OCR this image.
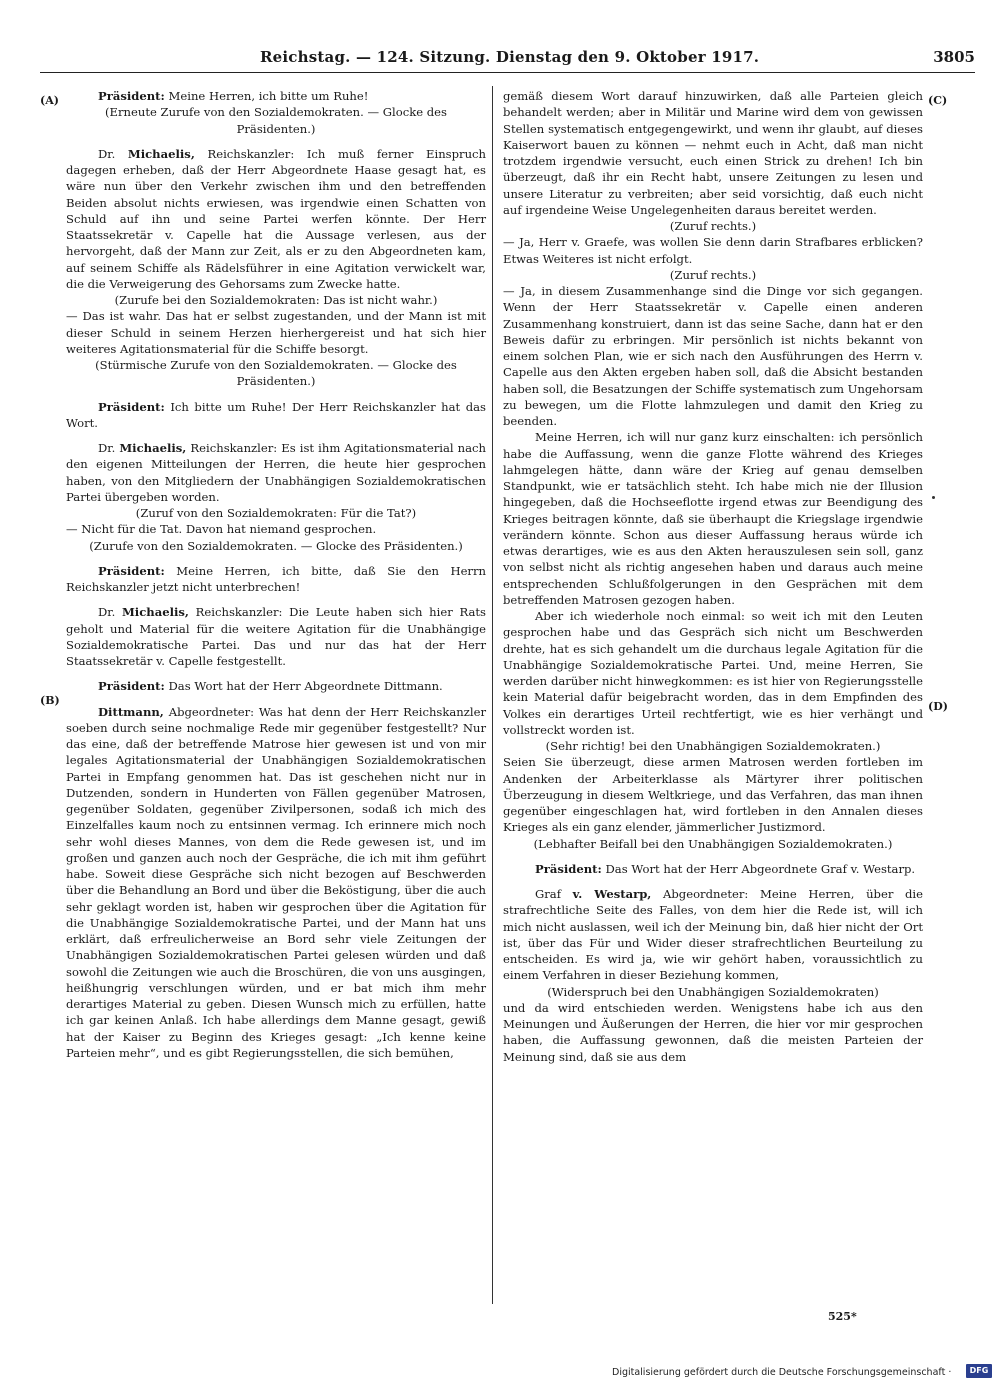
Reichstag. — 124. Sitzung. Dienstag den 9. Oktober 1917.	3805
(A)
(B)
(C)
(D)

Präsident: Meine Herren, ich bitte um Ruhe!

(Erneute Zurufe von den Sozialdemokraten. — Glocke des Präsidenten.)

Dr. Michaelis, Reichskanzler: Ich muß ferner Einspruch dagegen erheben, daß der Herr Abgeordnete Haase gesagt hat, es wäre nun über den Verkehr zwischen ihm und den betreffenden Beiden absolut nichts erwiesen, was irgendwie einen Schatten von Schuld auf ihn und seine Partei werfen könnte. Der Herr Staatssekretär v. Capelle hat die Aussage verlesen, aus der hervorgeht, daß der Mann zur Zeit, als er zu den Abgeordneten kam, auf seinem Schiffe als Rädelsführer in eine Agitation verwickelt war, die die Verweigerung des Gehorsams zum Zwecke hatte.

(Zurufe bei den Sozialdemokraten: Das ist nicht wahr.)

— Das ist wahr. Das hat er selbst zugestanden, und der Mann ist mit dieser Schuld in seinem Herzen hierhergereist und hat sich hier weiteres Agitationsmaterial für die Schiffe besorgt.

(Stürmische Zurufe von den Sozialdemokraten. — Glocke des Präsidenten.)

Präsident: Ich bitte um Ruhe! Der Herr Reichskanzler hat das Wort.

Dr. Michaelis, Reichskanzler: Es ist ihm Agitationsmaterial nach den eigenen Mitteilungen der Herren, die heute hier gesprochen haben, von den Mitgliedern der Unabhängigen Sozialdemokratischen Partei übergeben worden.

(Zuruf von den Sozialdemokraten: Für die Tat?)

— Nicht für die Tat. Davon hat niemand gesprochen.

(Zurufe von den Sozialdemokraten. — Glocke des Präsidenten.)

Präsident: Meine Herren, ich bitte, daß Sie den Herrn Reichskanzler jetzt nicht unterbrechen!

Dr. Michaelis, Reichskanzler: Die Leute haben sich hier Rats geholt und Material für die weitere Agitation für die Unabhängige Sozialdemokratische Partei. Das und nur das hat der Herr Staatssekretär v. Capelle festgestellt.

Präsident: Das Wort hat der Herr Abgeordnete Dittmann.

Dittmann, Abgeordneter: Was hat denn der Herr Reichskanzler soeben durch seine nochmalige Rede mir gegenüber festgestellt? Nur das eine, daß der betreffende Matrose hier gewesen ist und von mir legales Agitationsmaterial der Unabhängigen Sozialdemokratischen Partei in Empfang genommen hat. Das ist geschehen nicht nur in Dutzenden, sondern in Hunderten von Fällen gegenüber Matrosen, gegenüber Soldaten, gegenüber Zivilpersonen, sodaß ich mich des Einzelfalles kaum noch zu entsinnen vermag. Ich erinnere mich noch sehr wohl dieses Mannes, von dem die Rede gewesen ist, und im großen und ganzen auch noch der Gespräche, die ich mit ihm geführt habe. Soweit diese Gespräche sich nicht bezogen auf Beschwerden über die Behandlung an Bord und über die Beköstigung, über die auch sehr geklagt worden ist, haben wir gesprochen über die Agitation für die Unabhängige Sozialdemokratische Partei, und der Mann hat uns erklärt, daß erfreulicherweise an Bord sehr viele Zeitungen der Unabhängigen Sozialdemokratischen Partei gelesen würden und daß sowohl die Zeitungen wie auch die Broschüren, die von uns ausgingen, heißhungrig verschlungen würden, und er bat mich ihm mehr derartiges Material zu geben. Diesen Wunsch mich zu erfüllen, hatte ich gar keinen Anlaß. Ich habe allerdings dem Manne gesagt, gewiß hat der Kaiser zu Beginn des Krieges gesagt: „Ich kenne keine Parteien mehr“, und es gibt Regierungsstellen, die sich bemühen,

gemäß diesem Wort darauf hinzuwirken, daß alle Parteien gleich behandelt werden; aber in Militär und Marine wird dem von gewissen Stellen systematisch entgegengewirkt, und wenn ihr glaubt, auf dieses Kaiserwort bauen zu können — nehmt euch in Acht, daß man nicht trotzdem irgendwie versucht, euch einen Strick zu drehen! Ich bin überzeugt, daß ihr ein Recht habt, unsere Zeitungen zu lesen und unsere Literatur zu verbreiten; aber seid vorsichtig, daß euch nicht auf irgendeine Weise Ungelegenheiten daraus bereitet werden.

(Zuruf rechts.)

— Ja, Herr v. Graefe, was wollen Sie denn darin Strafbares erblicken? Etwas Weiteres ist nicht erfolgt.

(Zuruf rechts.)

— Ja, in diesem Zusammenhange sind die Dinge vor sich gegangen. Wenn der Herr Staatssekretär v. Capelle einen anderen Zusammenhang konstruiert, dann ist das seine Sache, dann hat er den Beweis dafür zu erbringen. Mir persönlich ist nichts bekannt von einem solchen Plan, wie er sich nach den Ausführungen des Herrn v. Capelle aus den Akten ergeben haben soll, daß die Absicht bestanden haben soll, die Besatzungen der Schiffe systematisch zum Ungehorsam zu bewegen, um die Flotte lahmzulegen und damit den Krieg zu beenden.

Meine Herren, ich will nur ganz kurz einschalten: ich persönlich habe die Auffassung, wenn die ganze Flotte während des Krieges lahmgelegen hätte, dann wäre der Krieg auf genau demselben Standpunkt, wie er tatsächlich steht. Ich habe mich nie der Illusion hingegeben, daß die Hochseeflotte irgend etwas zur Beendigung des Krieges beitragen könnte, daß sie überhaupt die Kriegslage irgendwie verändern könnte. Schon aus dieser Auffassung heraus würde ich etwas derartiges, wie es aus den Akten herauszulesen sein soll, ganz von selbst nicht als richtig angesehen haben und daraus auch meine entsprechenden Schlußfolgerungen in den Gesprächen mit dem betreffenden Matrosen gezogen haben.

Aber ich wiederhole noch einmal: so weit ich mit den Leuten gesprochen habe und das Gespräch sich nicht um Beschwerden drehte, hat es sich gehandelt um die durchaus legale Agitation für die Unabhängige Sozialdemokratische Partei. Und, meine Herren, Sie werden darüber nicht hinwegkommen: es ist hier von Regierungsstelle kein Material dafür beigebracht worden, das in dem Empfinden des Volkes ein derartiges Urteil rechtfertigt, wie es hier verhängt und vollstreckt worden ist.

(Sehr richtig! bei den Unabhängigen Sozialdemokraten.)

Seien Sie überzeugt, diese armen Matrosen werden fortleben im Andenken der Arbeiterklasse als Märtyrer ihrer politischen Überzeugung in diesem Weltkriege, und das Verfahren, das man ihnen gegenüber eingeschlagen hat, wird fortleben in den Annalen dieses Krieges als ein ganz elender, jämmerlicher Justizmord.

(Lebhafter Beifall bei den Unabhängigen Sozialdemokraten.)

Präsident: Das Wort hat der Herr Abgeordnete Graf v. Westarp.

Graf v. Westarp, Abgeordneter: Meine Herren, über die strafrechtliche Seite des Falles, von dem hier die Rede ist, will ich mich nicht auslassen, weil ich der Meinung bin, daß hier nicht der Ort ist, über das Für und Wider dieser strafrechtlichen Beurteilung zu entscheiden. Es wird ja, wie wir gehört haben, voraussichtlich zu einem Verfahren in dieser Beziehung kommen,

(Widerspruch bei den Unabhängigen Sozialdemokraten)

und da wird entschieden werden. Wenigstens habe ich aus den Meinungen und Äußerungen der Herren, die hier vor mir gesprochen haben, die Auffassung gewonnen, daß die meisten Parteien der Meinung sind, daß sie aus dem

525*
Digitalisierung gefördert durch die Deutsche Forschungsgemeinschaft ·	DFG
